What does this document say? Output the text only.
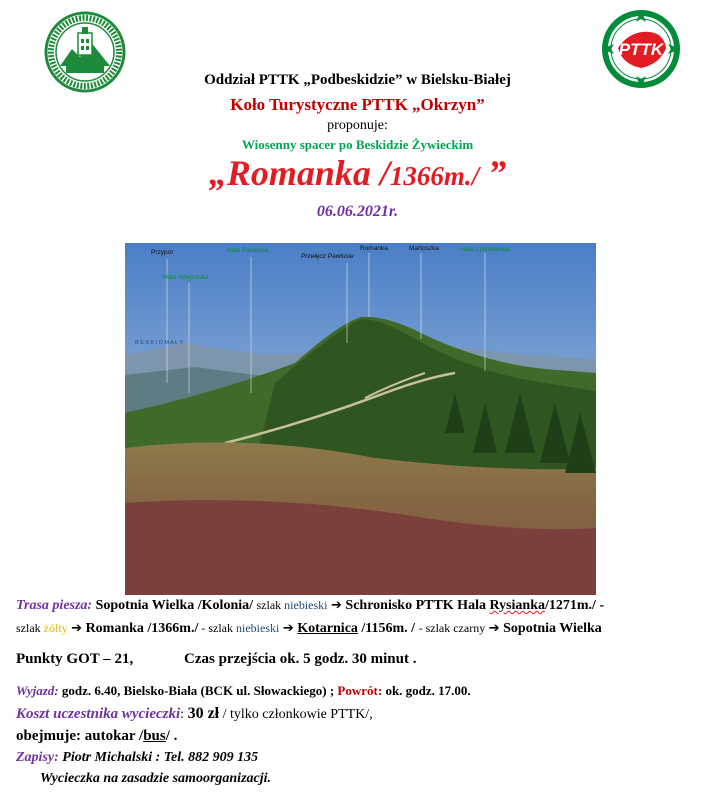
PTTK
Oddział PTTK „Podbeskidzie” w Bielsku-Białej
Koło Turystyczne PTTK „Okrzyn”
proponuje:
Wiosenny spacer po Beskidzie Żywieckim
„Romanka /1366m./ ”
06.06.2021r.
Przypór
Hala Wieprzska
Hala Pawlusia
Przełęcz Pawlusie
Romanka	Martoszka	Hala Lyśniowska
B E S K I D M A Ł Y
Trasa piesza: Sopotnia Wielka /Kolonia/ szlak niebieski ➔ Schronisko PTTK Hala Rysianka/1271m./ -
szlak żółty ➔ Romanka /1366m./ - szlak niebieski ➔ Kotarnica /1156m. / - szlak czarny ➔ Sopotnia Wielka
Punkty GOT – 21,	Czas przejścia ok. 5 godz. 30 minut .
Wyjazd: godz. 6.40, Bielsko-Biała (BCK ul. Słowackiego) ; Powrót: ok. godz. 17.00.
Koszt uczestnika wycieczki: 30 zł / tylko członkowie PTTK/,
obejmuje: autokar /bus/ .
Zapisy: Piotr Michalski : Tel. 882 909 135
Wycieczka na zasadzie samoorganizacji.
